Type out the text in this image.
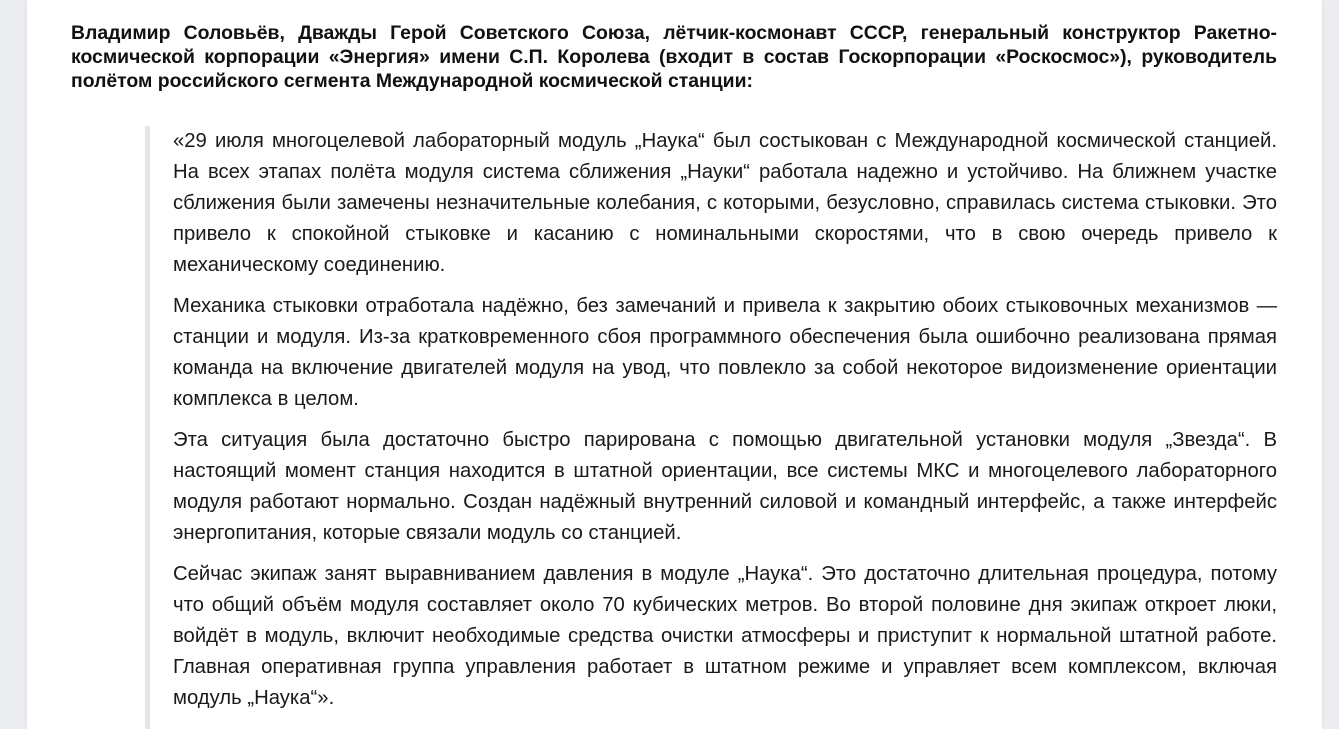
Владимир Соловьёв, Дважды Герой Советского Союза, лётчик-космонавт СССР, генеральный конструктор Ракетно-космической корпорации «Энергия» имени С.П. Королева (входит в состав Госкорпорации «Роскосмос»), руководитель полётом российского сегмента Международной космической станции:

«29 июля многоцелевой лабораторный модуль „Наука“ был состыкован с Международной космической станцией. На всех этапах полёта модуля система сближения „Науки“ работала надежно и устойчиво. На ближнем участке сближения были замечены незначительные колебания, с которыми, безусловно, справилась система стыковки. Это привело к спокойной стыковке и касанию с номинальными скоростями, что в свою очередь привело к механическому соединению.

Механика стыковки отработала надёжно, без замечаний и привела к закрытию обоих стыковочных механизмов — станции и модуля. Из-за кратковременного сбоя программного обеспечения была ошибочно реализована прямая команда на включение двигателей модуля на увод, что повлекло за собой некоторое видоизменение ориентации комплекса в целом.

Эта ситуация была достаточно быстро парирована с помощью двигательной установки модуля „Звезда“. В настоящий момент станция находится в штатной ориентации, все системы МКС и многоцелевого лабораторного модуля работают нормально. Создан надёжный внутренний силовой и командный интерфейс, а также интерфейс энергопитания, которые связали модуль со станцией.

Сейчас экипаж занят выравниванием давления в модуле „Наука“. Это достаточно длительная процедура, потому что общий объём модуля составляет около 70 кубических метров. Во второй половине дня экипаж откроет люки, войдёт в модуль, включит необходимые средства очистки атмосферы и приступит к нормальной штатной работе. Главная оперативная группа управления работает в штатном режиме и управляет всем комплексом, включая модуль „Наука“».
